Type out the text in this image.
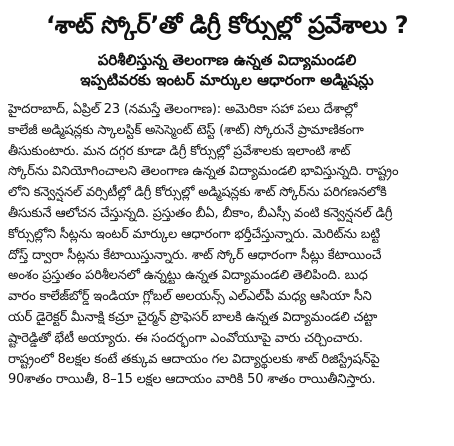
‘శాట్ స్కోర్’తో డిగ్రీ కోర్సుల్లో ప్రవేశాలు ?
పరిశీలిస్తున్న తెలంగాణ ఉన్నత విద్యామండలి
ఇప్పటివరకు ఇంటర్ మార్కుల ఆధారంగా అడ్మిషన్లు
హైదరాబాద్, ఏప్రిల్ 23 (నమస్తే తెలంగాణ): అమెరికా సహా పలు దేశాల్లో
కాలేజీ అడ్మిషన్లకు స్కాలస్టిక్ అసెస్మెంట్ టెస్ట్ (శాట్) స్కోరునే ప్రామాణికంగా
తీసుకుంటారు. మన దగ్గర కూడా డిగ్రీ కోర్సుల్లో ప్రవేశాలకు ఇలాంటి శాట్
స్కోర్‌ను వినియోగించాలని తెలంగాణ ఉన్నత విద్యామండలి భావిస్తున్నది. రాష్ట్రం
లోని కన్వెన్షనల్ వర్సిటీల్లో డిగ్రీ కోర్సుల్లో అడ్మిషన్లకు శాట్ స్కోర్‌ను పరిగణనలోకి
తీసుకునే ఆలోచన చేస్తున్నది. ప్రస్తుతం బీఏ, బీకాం, బీఎస్సీ వంటి కన్వెన్షనల్ డిగ్రీ
కోర్సుల్లోని సీట్లను ఇంటర్ మార్కుల ఆధారంగా భర్తీచేస్తున్నారు. మెరిట్‌ను బట్టి
దోస్త్ ద్వారా సీట్లను కేటాయిస్తున్నారు. శాట్ స్కోర్ ఆధారంగా సీట్లు కేటాయించే
అంశం ప్రస్తుతం పరిశీలనలో ఉన్నట్టు ఉన్నత విద్యామండలి తెలిపింది. బుధ
వారం కాలేజ్‌బోర్డ్ ఇండియా గ్లోబల్ అలయన్స్ ఎల్ఎల్‌పీ మధ్య ఆసియా సీని
యర్ డైరెక్టర్ మీనాక్షి కచ్రూ చైర్మన్ ప్రొఫెసర్ బాలకి ఉన్నత విద్యామండలి చట్టా
ష్టారెడ్డితో భేటీ అయ్యారు. ఈ సందర్భంగా ఎంవోయూపై వారు చర్చించారు.
రాష్ట్రంలో 8లక్షల కంటే తక్కువ ఆదాయం గల విద్యార్థులకు శాట్ రిజిస్ట్రేషన్‌పై
90శాతం రాయితీ, 8–15 లక్షల ఆదాయం వారికి 50 శాతం రాయితీనిస్తారు.
